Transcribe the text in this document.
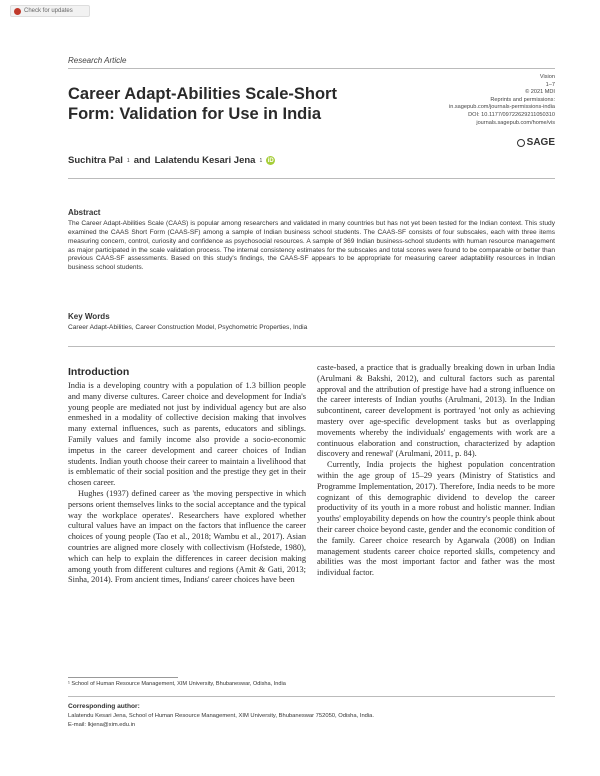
Check for updates
Research Article
Career Adapt-Abilities Scale-Short Form: Validation for Use in India
Vision
1–7
© 2021 MDI
Reprints and permissions:
in.sagepub.com/journals-permissions-india
DOI: 10.1177/09722629211050310
journals.sagepub.com/home/vis
SAGE
Suchitra Pal 1 and Lalatendu Kesari Jena 1 iD
Abstract
The Career Adapt-Abilities Scale (CAAS) is popular among researchers and validated in many countries but has not yet been tested for the Indian context. This study examined the CAAS Short Form (CAAS-SF) among a sample of Indian business school students. The CAAS-SF consists of four subscales, each with three items measuring concern, control, curiosity and confidence as psychosocial resources. A sample of 369 Indian business-school students with human resource management as major participated in the scale validation process. The internal consistency estimates for the subscales and total scores were found to be comparable or better than previous CAAS-SF assessments. Based on this study's findings, the CAAS-SF appears to be appropriate for measuring career adaptability resources in Indian business school students.
Key Words
Career Adapt-Abilities, Career Construction Model, Psychometric Properties, India
Introduction

India is a developing country with a population of 1.3 billion people and many diverse cultures. Career choice and development for India's young people are mediated not just by individual agency but are also enmeshed in a modality of collective decision making that involves many external influences, such as parents, educators and siblings. Family values and family income also provide a socio-economic impetus in the career development and career choices of Indian students. Indian youth choose their career to maintain a livelihood that is emblematic of their social position and the prestige they get in their chosen career.

Hughes (1937) defined career as 'the moving perspective in which persons orient themselves links to the social acceptance and the typical way the workplace operates'. Researchers have explored whether cultural values have an impact on the factors that influence the career choices of young people (Tao et al., 2018; Wambu et al., 2017). Asian countries are aligned more closely with collectivism (Hofstede, 1980), which can help to explain the differences in career decision making among youth from different cultures and regions (Amit & Gati, 2013; Sinha, 2014). From ancient times, Indians' career choices have been

caste-based, a practice that is gradually breaking down in urban India (Arulmani & Bakshi, 2012), and cultural factors such as parental approval and the attribution of prestige have had a strong influence on the career interests of Indian youths (Arulmani, 2013). In the Indian subcontinent, career development is portrayed 'not only as achieving mastery over age-specific development tasks but as overlapping movements whereby the individuals' engagements with work are a continuous elaboration and construction, characterized by adaption discovery and renewal' (Arulmani, 2011, p. 84).

Currently, India projects the highest population concentration within the age group of 15–29 years (Ministry of Statistics and Programme Implementation, 2017). Therefore, India needs to be more cognizant of this demographic dividend to develop the career productivity of its youth in a more robust and holistic manner. Indian youths' employability depends on how the country's people think about their career choice beyond caste, gender and the economic condition of the family. Career choice research by Agarwala (2008) on Indian management students career choice reported skills, competency and abilities was the most important factor and father was the most individual factor.

¹ School of Human Resource Management, XIM University, Bhubaneswar, Odisha, India
Corresponding author:
Lalatendu Kesari Jena, School of Human Resource Management, XIM University, Bhubaneswar 752050, Odisha, India.
E-mail: lkjena@xim.edu.in
